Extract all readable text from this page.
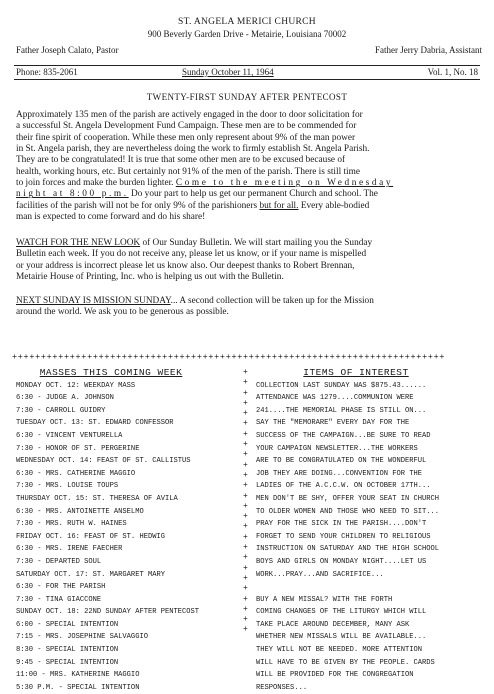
ST. ANGELA MERICI CHURCH
900 Beverly Garden Drive - Metairie, Louisiana 70002
Father Joseph Calato, Pastor	Father Jerry Dabria, Assistant
Phone: 835-2061	Sunday October 11, 1964	Vol. 1, No. 18
TWENTY-FIRST SUNDAY AFTER PENTECOST
Approximately 135 men of the parish are actively engaged in the door to door solicitation for
a successful St. Angela Development Fund Campaign. These men are to be commended for
their fine spirit of cooperation. While these men only represent about 9% of the man power
in St. Angela parish, they are nevertheless doing the work to firmly establish St. Angela Parish.
They are to be congratulated! It is true that some other men are to be excused because of
health, working hours, etc. But certainly not 91% of the men of the parish. There is still time
to join forces and make the burden lighter. Come to the meeting on Wednesday
night at 8:00 p.m. Do your part to help us get our permanent Church and school. The
facilities of the parish will not be for only 9% of the parishioners but for all. Every able-bodied
man is expected to come forward and do his share!
WATCH FOR THE NEW LOOK of Our Sunday Bulletin. We will start mailing you the Sunday
Bulletin each week. If you do not receive any, please let us know, or if your name is mispelled
or your address is incorrect please let us know also. Our deepest thanks to Robert Brennan,
Metairie House of Printing, Inc. who is helping us out with the Bulletin.
NEXT SUNDAY IS MISSION SUNDAY... A second collection will be taken up for the Mission
around the world. We ask you to be generous as possible.
+++++++++++++++++++++++++++++++++++++++++++++++++++++++++++++++++++++++++++
+
+
+
+
+
+
+
+
+
+
+
+
+
+
+
+
+
+
+
+
+
+
+
+
+
+
MASSES THIS COMING WEEK
MONDAY OCT. 12: WEEKDAY MASS
6:30 - JUDGE A. JOHNSON
7:30 - CARROLL GUIDRY
TUESDAY OCT. 13: ST. EDWARD CONFESSOR
6:30 - VINCENT VENTURELLA
7:30 - HONOR OF ST. PERGERINE
WEDNESDAY OCT. 14: FEAST OF ST. CALLISTUS
6:30 - MRS. CATHERINE MAGGIO
7:30 - MRS. LOUISE TOUPS
THURSDAY OCT. 15: ST. THERESA OF AVILA
6:30 - MRS. ANTOINETTE ANSELMO
7:30 - MRS. RUTH W. HAINES
FRIDAY OCT. 16: FEAST OF ST. HEDWIG
6:30 - MRS. IRENE FAECHER
7:30 - DEPARTED SOUL
SATURDAY OCT. 17: ST. MARGARET MARY
6:30 - FOR THE PARISH
7:30 - TINA GIACCONE
SUNDAY OCT. 18: 22ND SUNDAY AFTER PENTECOST
6:00 - SPECIAL INTENTION
7:15 - MRS. JOSEPHINE SALVAGGIO
8:30 - SPECIAL INTENTION
9:45 - SPECIAL INTENTION
11:00 - MRS. KATHERINE MAGGIO
5:30 P.M. - SPECIAL INTENTION
ITEMS OF INTEREST
COLLECTION LAST SUNDAY WAS $875.43......
ATTENDANCE WAS 1279....COMMUNION WERE
241....THE MEMORIAL PHASE IS STILL ON...
SAY THE "MEMORARE" EVERY DAY FOR THE
SUCCESS OF THE CAMPAIGN...BE SURE TO READ
YOUR CAMPAIGN NEWSLETTER...THE WORKERS
ARE TO BE CONGRATULATED ON THE WONDERFUL
JOB THEY ARE DOING...CONVENTION FOR THE
LADIES OF THE A.C.C.W. ON OCTOBER 17TH...
MEN DON'T BE SHY, OFFER YOUR SEAT IN CHURCH
TO OLDER WOMEN AND THOSE WHO NEED TO SIT...
PRAY FOR THE SICK IN THE PARISH....DON'T
FORGET TO SEND YOUR CHILDREN TO RELIGIOUS
INSTRUCTION ON SATURDAY AND THE HIGH SCHOOL
BOYS AND GIRLS ON MONDAY NIGHT....LET US
WORK...PRAY...AND SACRIFICE...
BUY A NEW MISSAL? WITH THE FORTH
COMING CHANGES OF THE LITURGY WHICH WILL
TAKE PLACE AROUND DECEMBER, MANY ASK
WHETHER NEW MISSALS WILL BE AVAILABLE...
THEY WILL NOT BE NEEDED. MORE ATTENTION
WILL HAVE TO BE GIVEN BY THE PEOPLE. CARDS
WILL BE PROVIDED FOR THE CONGREGATION
RESPONSES...
